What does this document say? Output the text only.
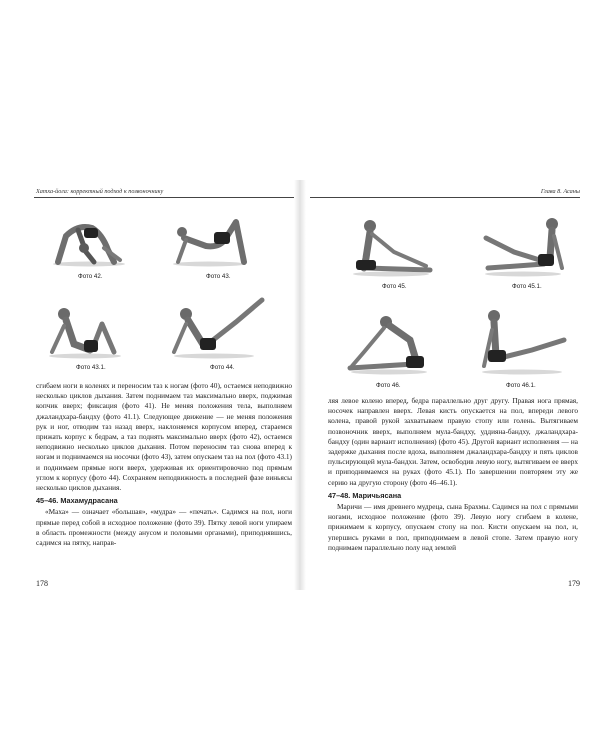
Хатха-йога: корректный подход к позвоночнику
Фото 42.	Фото 43.
Фото 43.1.	Фото 44.

сгибаем ноги в коленях и переносим таз к ногам (фото 40), остаемся неподвижно несколько циклов дыхания. Затем поднимаем таз максимально вверх, поджимая копчик вверх; фиксация (фото 41). Не меняя положения тела, выполняем джаландхара-бандху (фото 41.1). Следующее движение — не меняя положения рук и ног, отводим таз назад вверх, наклоняемся корпусом вперед, стараемся прижать корпус к бедрам, а таз поднять максимально вверх (фото 42), остаемся неподвижно несколько циклов дыхания. Потом переносим таз снова вперед к ногам и поднимаемся на носочки (фото 43), затем опускаем таз на пол (фото 43.1) и поднимаем прямые ноги вверх, удерживая их ориентировочно под прямым углом к корпусу (фото 44). Сохраняем неподвижность в последней фазе виньясы несколько циклов дыхания.

45–46. Махамудрасана

«Маха» — означает «большая», «мудра» — «печать». Садимся на пол, ноги прямые перед собой в исходное положение (фото 39). Пятку левой ноги упираем в область промежности (между анусом и половыми органами), приподнявшись, садимся на пятку, направ-

178
Глава 8. Асаны
Фото 45.	Фото 45.1.
Фото 46.	Фото 46.1.

ляя левое колено вперед, бедра параллельно друг другу. Правая нога прямая, носочек направлен вверх. Левая кисть опускается на пол, впереди левого колена, правой рукой захватываем правую стопу или голень. Вытягиваем позвоночник вверх, выполняем мула-бандху, уддияна-бандху, джаландхара-бандху (один вариант исполнения) (фото 45). Другой вариант исполнения — на задержке дыхания после вдоха, выполняем джаландхара-бандху и пять циклов пульсирующей мула-бандхи. Затем, освободив левую ногу, вытягиваем ее вверх и приподнимаемся на руках (фото 45.1). По завершении повторяем эту же серию на другую сторону (фото 46–46.1).

47–48. Маричьясана

Маричи — имя древнего мудреца, сына Брахмы. Садимся на пол с прямыми ногами, исходное положение (фото 39). Левую ногу сгибаем в колене, прижимаем к корпусу, опускаем стопу на пол. Кисти опускаем на пол, и, упершись руками в пол, приподнимаем в левой стопе. Затем правую ногу поднимаем параллельно полу над землей

179
